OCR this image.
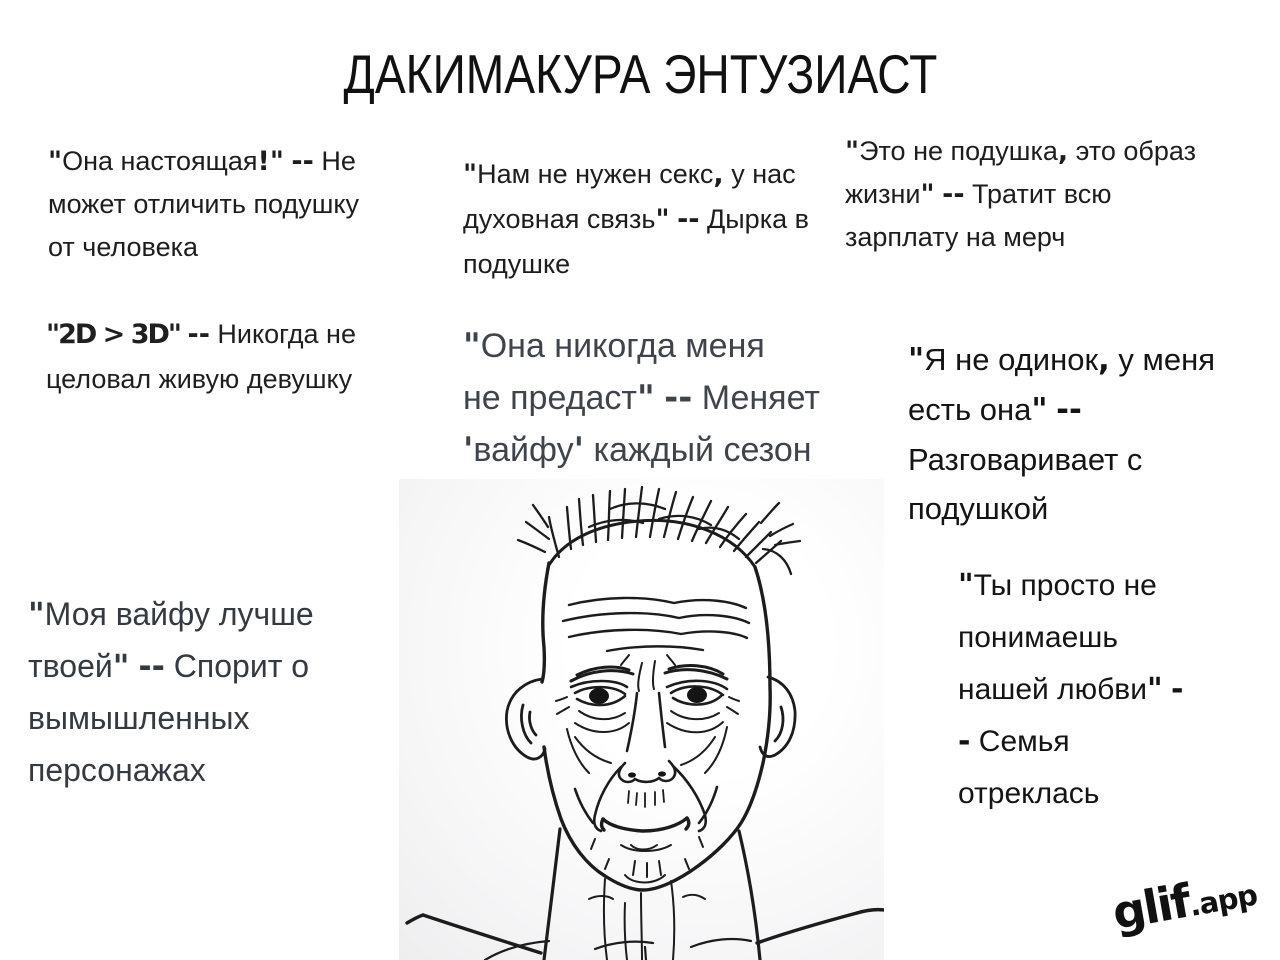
ДАКИМАКУРА ЭНТУЗИАСТ
"Она настоящая!" -- Не
может отличить подушку
от человека
"Нам не нужен секс, у нас
духовная связь" -- Дырка в
подушке
"Это не подушка, это образ
жизни" -- Тратит всю
зарплату на мерч
"2D > 3D" -- Никогда не
целовал живую девушку
"Она никогда меня
не предаст" -- Меняет
'вайфу' каждый сезон
"Я не одинок, у меня
есть она" --
Разговаривает с
подушкой
"Моя вайфу лучше
твоей" -- Спорит о
вымышленных
персонажах
"Ты просто не
понимаешь
нашей любви" -
- Семья
отреклась
glif.app
